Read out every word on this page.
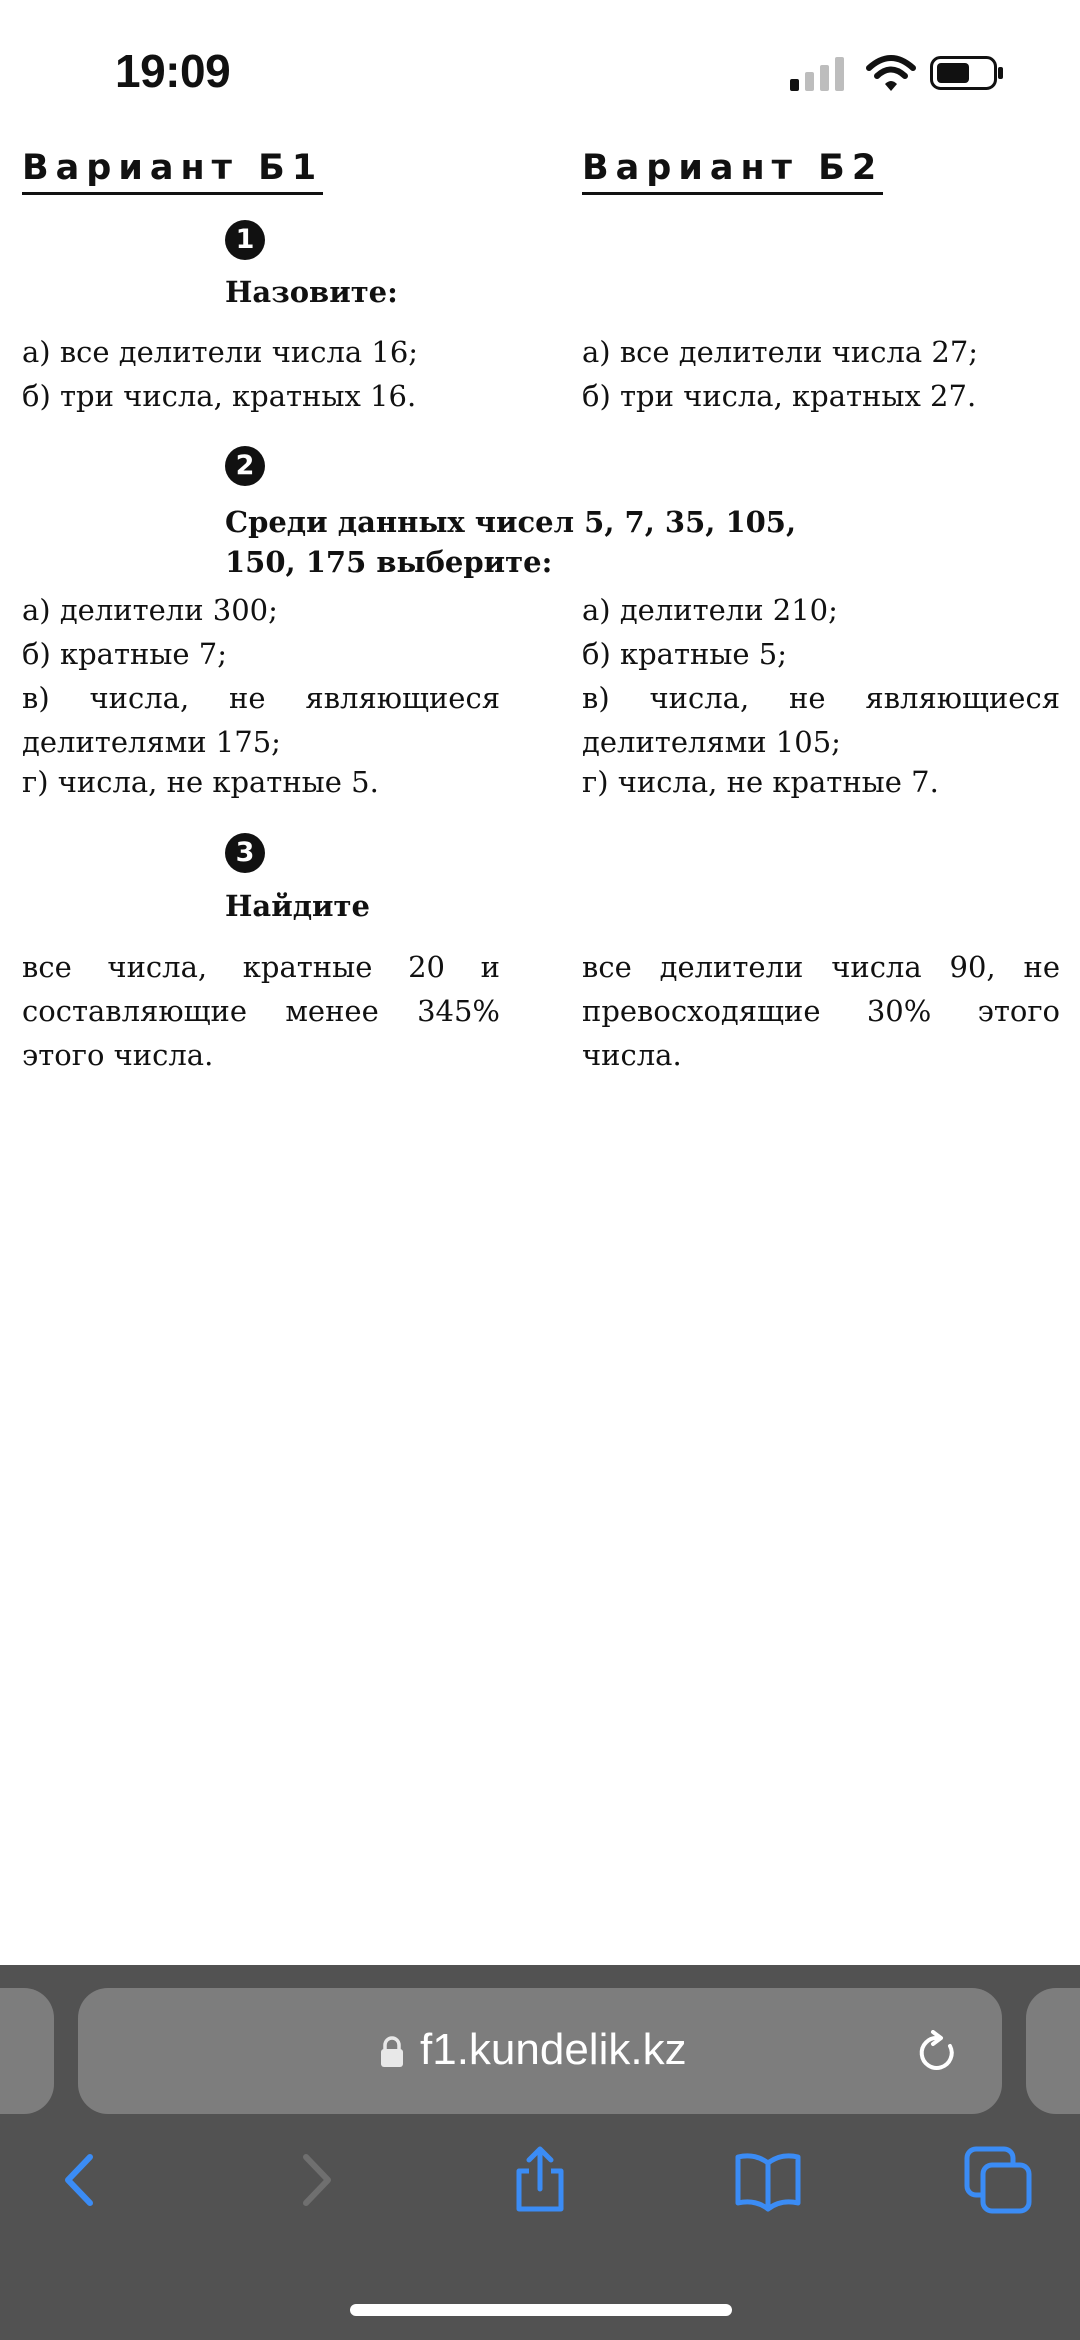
19:09
Вариант Б1	Вариант Б2
1
Назовите:
а) все делители числа 16;
б) три числа, кратных 16.
а) все делители числа 27;
б) три числа, кратных 27.
2
Среди данных чисел 5, 7, 35, 105,
150, 175 выберите:
а) делители 300;
б) кратные 7;
в) числа, не являющиеся делителями 175;
г) числа, не кратные 5.
а) делители 210;
б) кратные 5;
в) числа, не являющиеся делителями 105;
г) числа, не кратные 7.
3
Найдите
все числа, кратные 20 и составляющие менее 345% этого числа.
все делители числа 90, не превосходящие 30% этого числа.
f1.kundelik.kz
